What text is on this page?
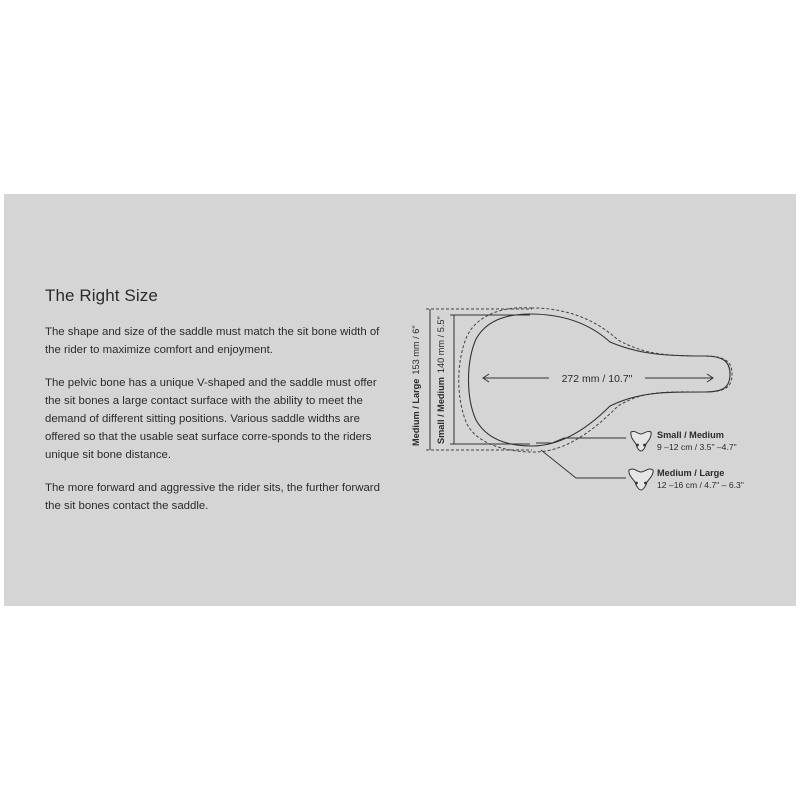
The Right Size

The shape and size of the saddle must match the sit bone width of the rider to maximize comfort and enjoyment.

The pelvic bone has a unique V-shaped and the saddle must offer the sit bones a large contact surface with the ability to meet the demand of different sitting positions. Various saddle widths are offered so that the usable seat surface corre-sponds to the riders unique sit bone distance.

The more forward and aggressive the rider sits, the further forward the sit bones contact the saddle.

Medium / Large153 mm / 6"
Small / Medium140 mm / 5.5"
272 mm / 10.7"
Small / Medium
9 –12 cm / 3.5" –4.7"
Medium / Large
12 –16 cm / 4.7" – 6.3"
